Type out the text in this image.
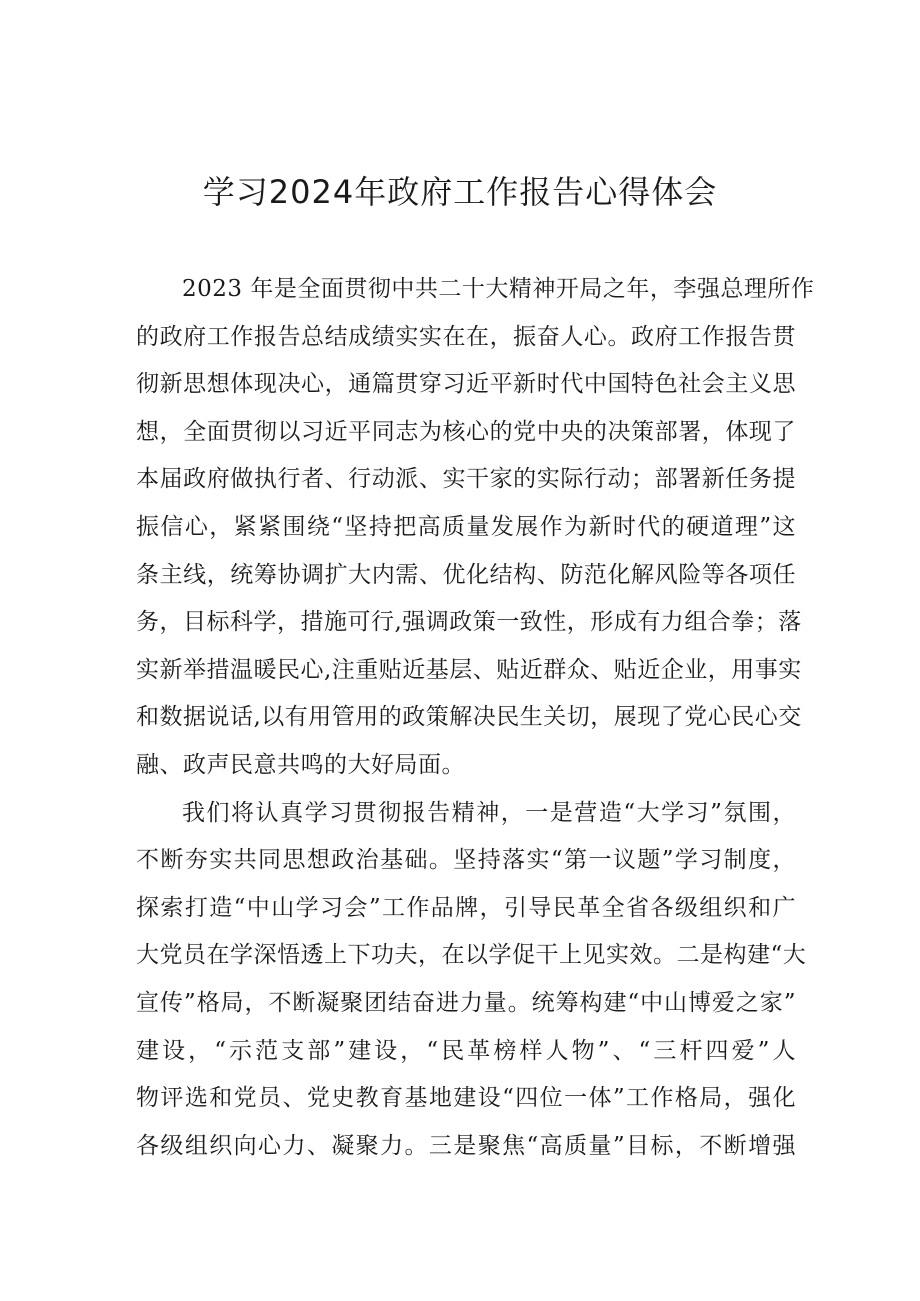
学习2024年政府工作报告心得体会
2023 年是全面贯彻中共二十大精神开局之年，李强总理所作
的政府工作报告总结成绩实实在在，振奋人心。政府工作报告贯
彻新思想体现决心，通篇贯穿习近平新时代中国特色社会主义思
想，全面贯彻以习近平同志为核心的党中央的决策部署，体现了
本届政府做执行者、行动派、实干家的实际行动；部署新任务提
振信心，紧紧围绕“坚持把高质量发展作为新时代的硬道理”这
条主线，统筹协调扩大内需、优化结构、防范化解风险等各项任
务，目标科学，措施可行,强调政策一致性，形成有力组合拳；落
实新举措温暖民心,注重贴近基层、贴近群众、贴近企业，用事实
和数据说话,以有用管用的政策解决民生关切，展现了党心民心交
融、政声民意共鸣的大好局面。
我们将认真学习贯彻报告精神，一是营造“大学习”氛围，
不断夯实共同思想政治基础。坚持落实“第一议题”学习制度，
探索打造“中山学习会”工作品牌，引导民革全省各级组织和广
大党员在学深悟透上下功夫，在以学促干上见实效。二是构建“大
宣传”格局，不断凝聚团结奋进力量。统筹构建“中山博爱之家”
建设，“示范支部”建设，“民革榜样人物”、“三杆四爱”人
物评选和党员、党史教育基地建设“四位一体”工作格局，强化
各级组织向心力、凝聚力。三是聚焦“高质量”目标，不断增强
